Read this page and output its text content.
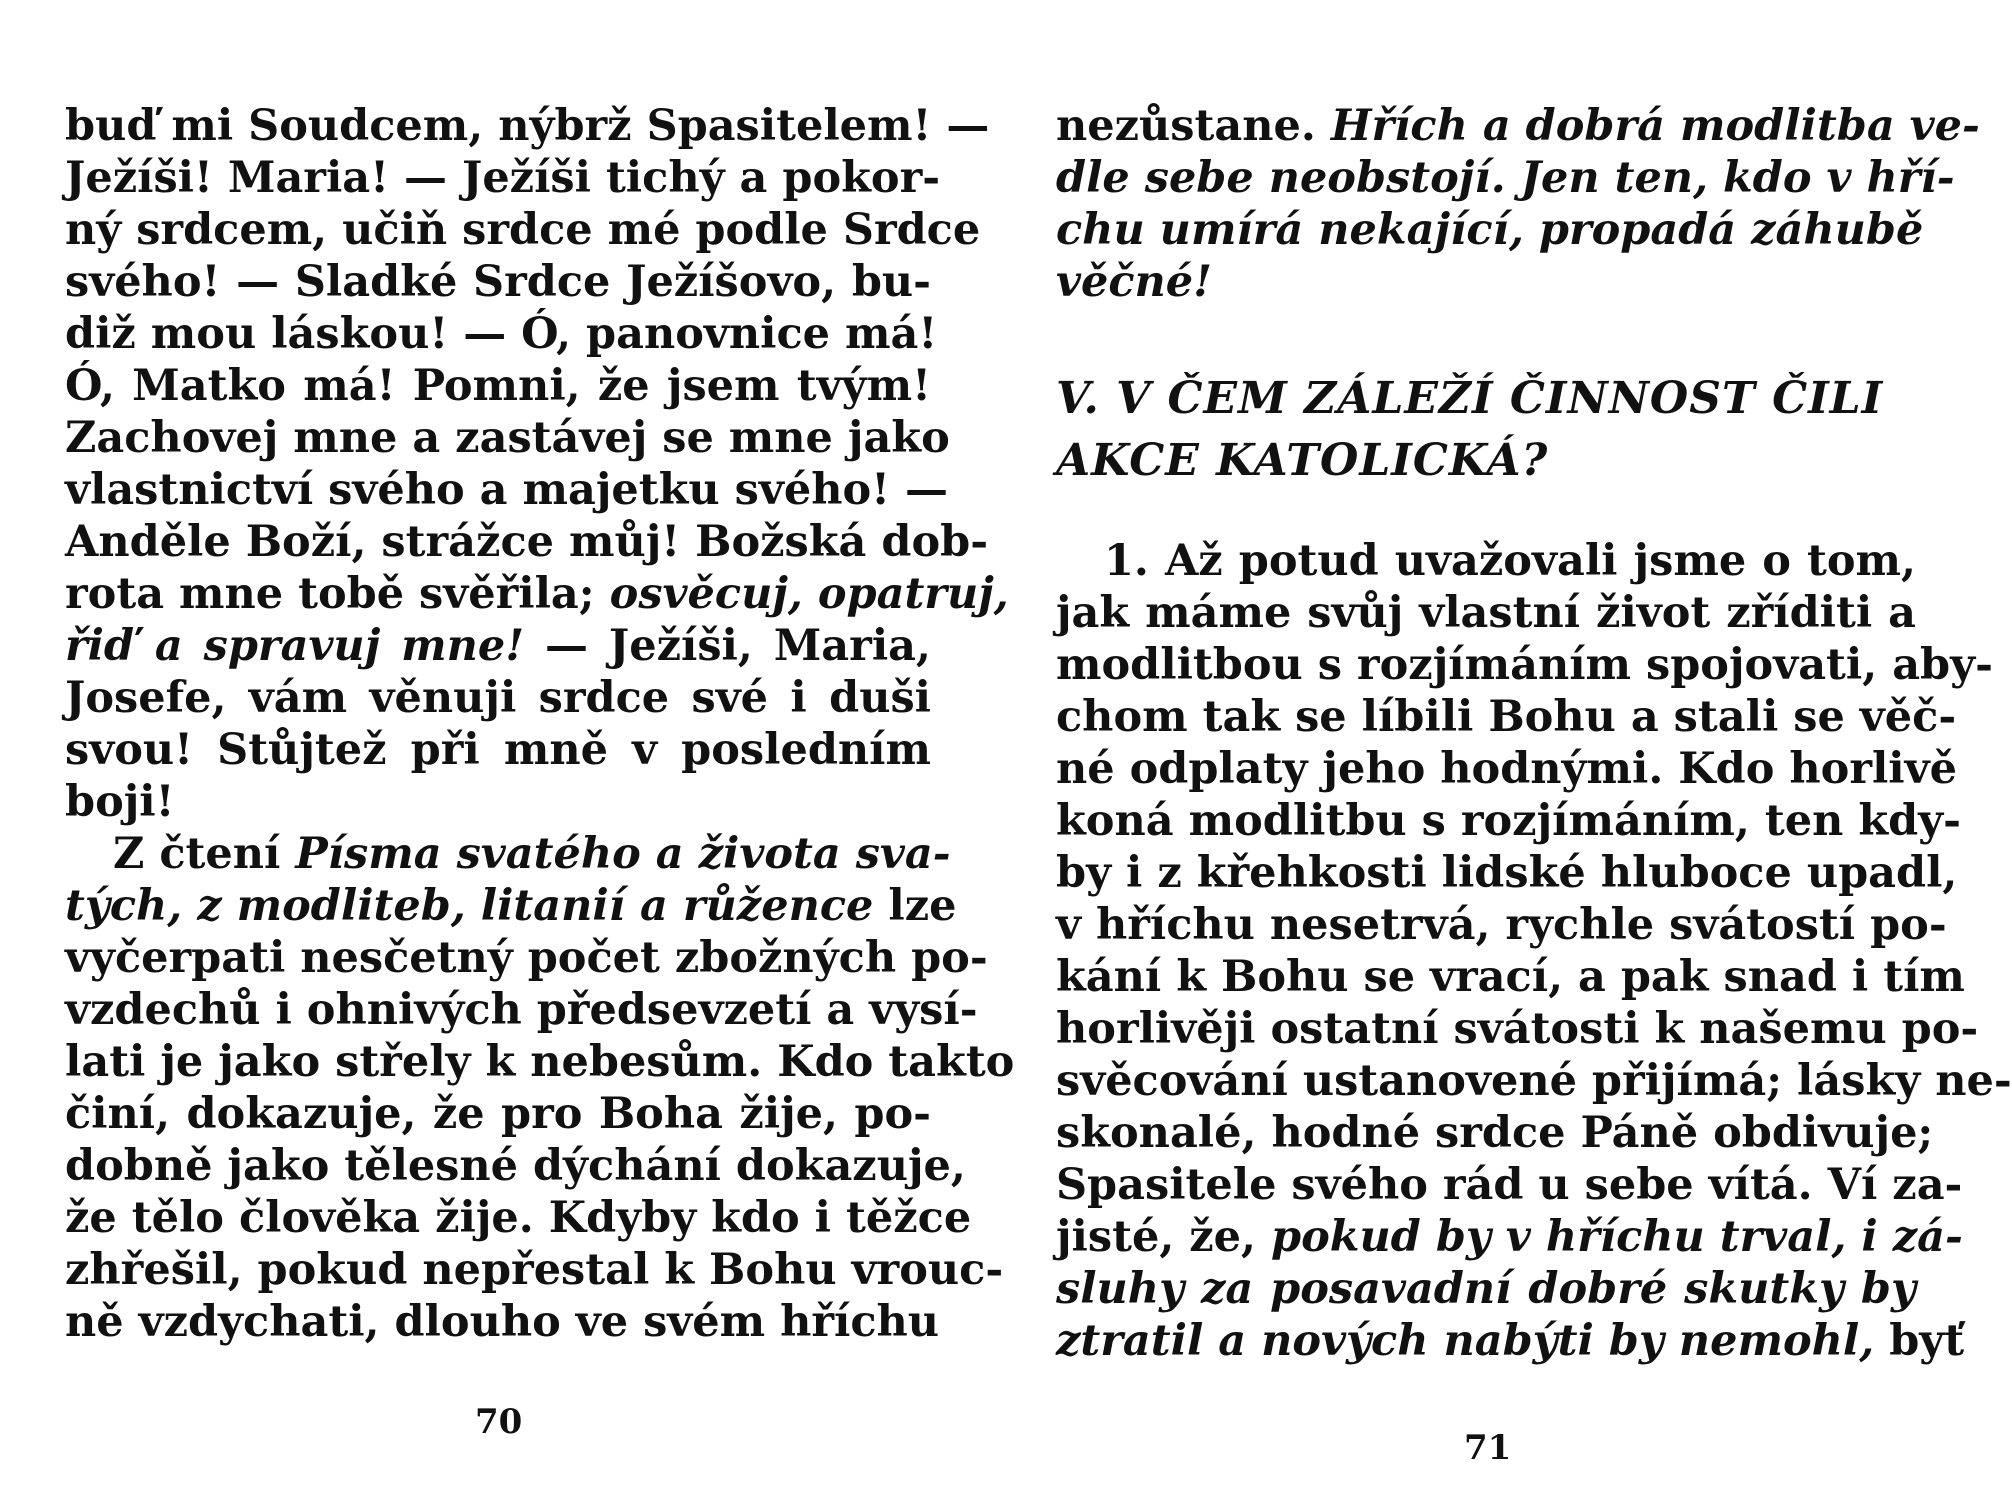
buď mi Soudcem, nýbrž Spasitelem! —
Ježíši! Maria! — Ježíši tichý a pokor-
ný srdcem, učiň srdce mé podle Srdce
svého! — Sladké Srdce Ježíšovo, bu-
diž mou láskou! — Ó, panovnice má!
Ó, Matko má! Pomni, že jsem tvým!
Zachovej mne a zastávej se mne jako
vlastnictví svého a majetku svého! —
Anděle Boží, strážce můj! Božská dob-
rota mne tobě svěřila; osvěcuj, opatruj,
řiď a spravuj mne! — Ježíši, Maria,
Josefe, vám věnuji srdce své i duši
svou! Stůjtež při mně v posledním
boji!
Z čtení Písma svatého a života sva-
tých, z modliteb, litanií a růžence lze
vyčerpati nesčetný počet zbožných po-
vzdechů i ohnivých předsevzetí a vysí-
lati je jako střely k nebesům. Kdo takto
činí, dokazuje, že pro Boha žije, po-
dobně jako tělesné dýchání dokazuje,
že tělo člověka žije. Kdyby kdo i těžce
zhřešil, pokud nepřestal k Bohu vrouc-
ně vzdychati, dlouho ve svém hříchu
70
nezůstane. Hřích a dobrá modlitba ve-
dle sebe neobstojí. Jen ten, kdo v hří-
chu umírá nekající, propadá záhubě
věčné!
V. V ČEM ZÁLEŽÍ ČINNOST ČILI
AKCE KATOLICKÁ?
1. Až potud uvažovali jsme o tom,
jak máme svůj vlastní život zříditi a
modlitbou s rozjímáním spojovati, aby-
chom tak se líbili Bohu a stali se věč-
né odplaty jeho hodnými. Kdo horlivě
koná modlitbu s rozjímáním, ten kdy-
by i z křehkosti lidské hluboce upadl,
v hříchu nesetrvá, rychle svátostí po-
kání k Bohu se vrací, a pak snad i tím
horlivěji ostatní svátosti k našemu po-
svěcování ustanovené přijímá; lásky ne-
skonalé, hodné srdce Páně obdivuje;
Spasitele svého rád u sebe vítá. Ví za-
jisté, že, pokud by v hříchu trval, i zá-
sluhy za posavadní dobré skutky by
ztratil a nových nabýti by nemohl, byť
71
